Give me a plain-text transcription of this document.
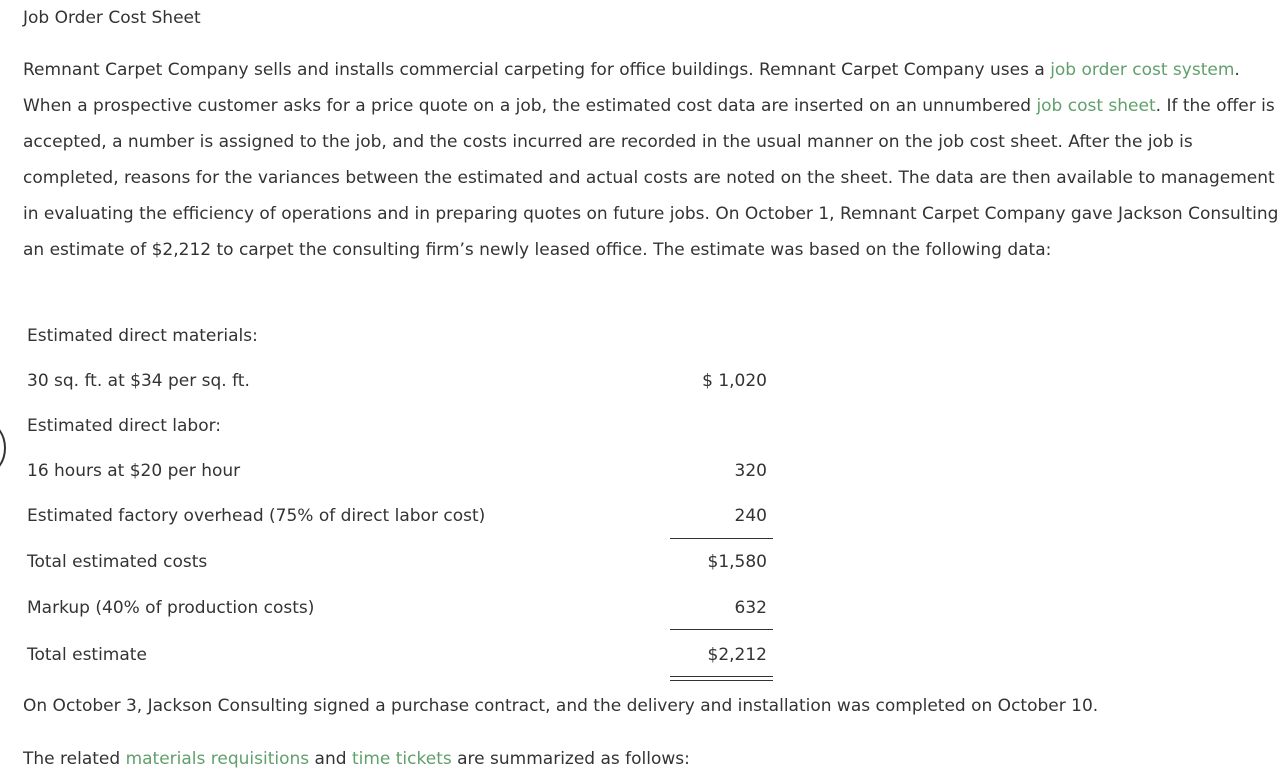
Job Order Cost Sheet

Remnant Carpet Company sells and installs commercial carpeting for office buildings. Remnant Carpet Company uses a job order cost system. When a prospective customer asks for a price quote on a job, the estimated cost data are inserted on an unnumbered job cost sheet. If the offer is accepted, a number is assigned to the job, and the costs incurred are recorded in the usual manner on the job cost sheet. After the job is completed, reasons for the variances between the estimated and actual costs are noted on the sheet. The data are then available to management in evaluating the efficiency of operations and in preparing quotes on future jobs. On October 1, Remnant Carpet Company gave Jackson Consulting an estimate of $2,212 to carpet the consulting firm’s newly leased office. The estimate was based on the following data:

Estimated direct materials:
30 sq. ft. at $34 per sq. ft.	$ 1,020
Estimated direct labor:
16 hours at $20 per hour	320
Estimated factory overhead (75% of direct labor cost)	240
Total estimated costs	$1,580
Markup (40% of production costs)	632
Total estimate	$2,212

On October 3, Jackson Consulting signed a purchase contract, and the delivery and installation was completed on October 10.

The related materials requisitions and time tickets are summarized as follows:
